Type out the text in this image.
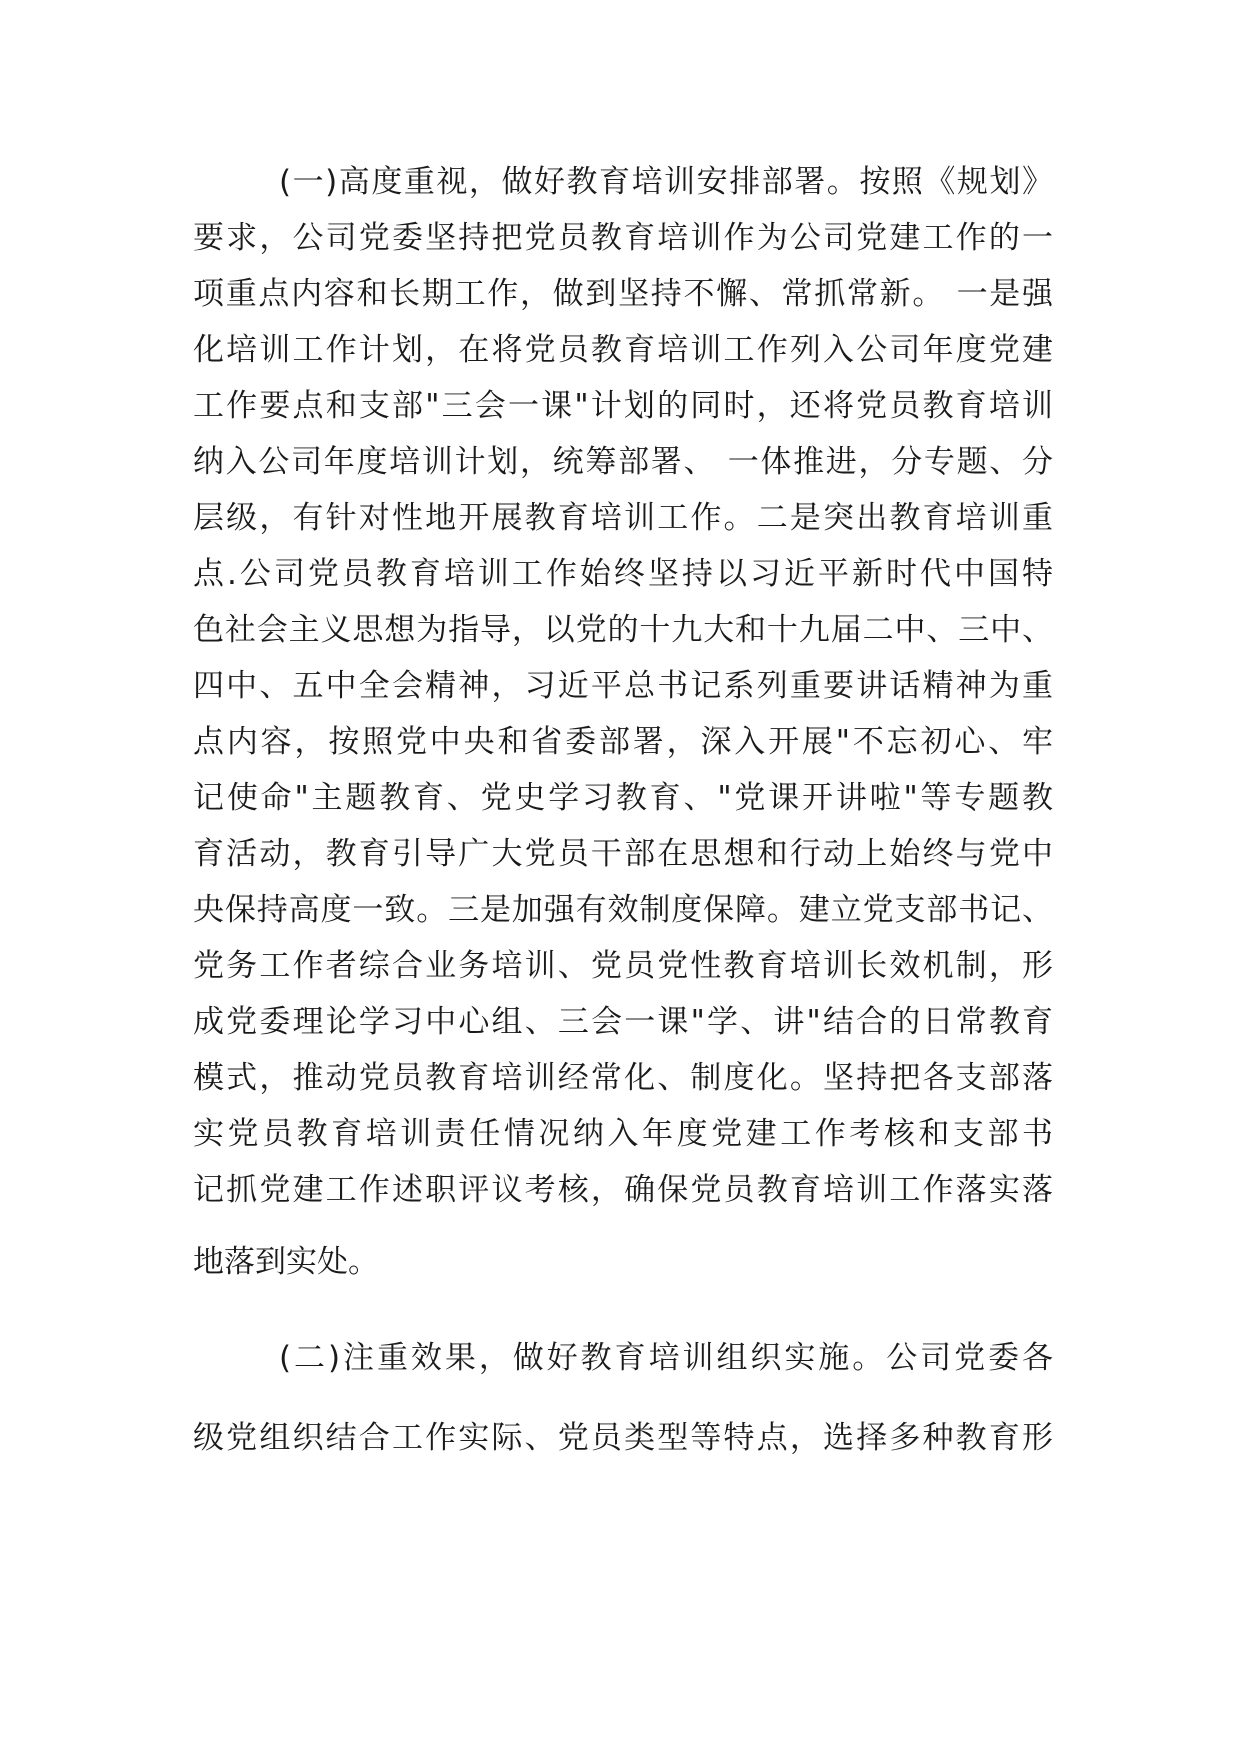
(一)高度重视，做好教育培训安排部署。按照《规划》
要求，公司党委坚持把党员教育培训作为公司党建工作的一
项重点内容和长期工作，做到坚持不懈、常抓常新。 一是强
化培训工作计划，在将党员教育培训工作列入公司年度党建
工作要点和支部"三会一课"计划的同时，还将党员教育培训
纳入公司年度培训计划，统筹部署、 一体推进，分专题、分
层级，有针对性地开展教育培训工作。二是突出教育培训重
点.公司党员教育培训工作始终坚持以习近平新时代中国特
色社会主义思想为指导，以党的十九大和十九届二中、三中、
四中、五中全会精神，习近平总书记系列重要讲话精神为重
点内容，按照党中央和省委部署，深入开展"不忘初心、牢
记使命"主题教育、党史学习教育、"党课开讲啦"等专题教
育活动，教育引导广大党员干部在思想和行动上始终与党中
央保持高度一致。三是加强有效制度保障。建立党支部书记、
党务工作者综合业务培训、党员党性教育培训长效机制，形
成党委理论学习中心组、三会一课"学、讲"结合的日常教育
模式，推动党员教育培训经常化、制度化。坚持把各支部落
实党员教育培训责任情况纳入年度党建工作考核和支部书
记抓党建工作述职评议考核，确保党员教育培训工作落实落
地落到实处。
(二)注重效果，做好教育培训组织实施。公司党委各
级党组织结合工作实际、党员类型等特点，选择多种教育形
